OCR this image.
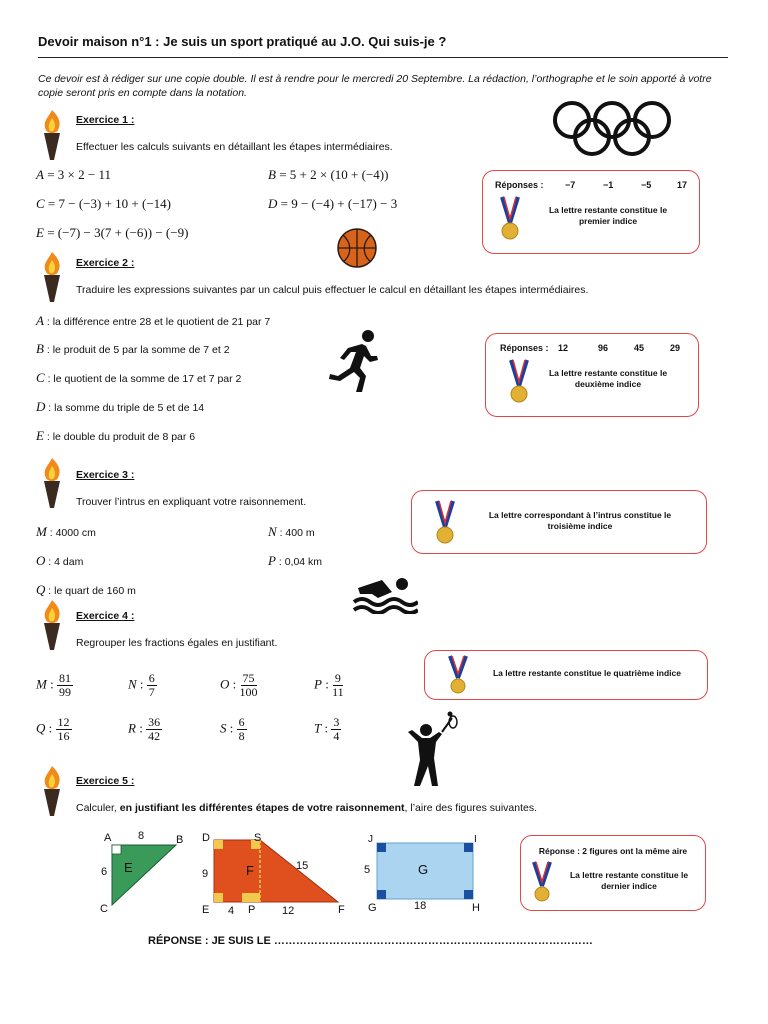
Devoir maison n°1 : Je suis un sport pratiqué au J.O. Qui suis-je ?
Ce devoir est à rédiger sur une copie double. Il est à rendre pour le mercredi 20 Septembre. La rédaction, l’orthographe et le soin apporté à votre copie seront pris en compte dans la notation.
Exercice 1 :
Effectuer les calculs suivants en détaillant les étapes intermédiaires.
A = 3 × 2 − 11	B = 5 + 2 × (10 + (−4))
C = 7 − (−3) + 10 + (−14)	D = 9 − (−4) + (−17) − 3
E = (−7) − 3(7 + (−6)) − (−9)
Réponses : −7	−1	−5	17
La lettre restante constitue le premier indice
Exercice 2 :
Traduire les expressions suivantes par un calcul puis effectuer le calcul en détaillant les étapes intermédiaires.
A : la différence entre 28 et le quotient de 21 par 7
B : le produit de 5 par la somme de 7 et 2
C : le quotient de la somme de 17 et 7 par 2
D : la somme du triple de 5 et de 14
E : le double du produit de 8 par 6
Réponses : 12	96	45	29
La lettre restante constitue le deuxième indice
Exercice 3 :
Trouver l’intrus en expliquant votre raisonnement.
M : 4000 cm	N : 400 m
O : 4 dam	P : 0,04 km
Q : le quart de 160 m
La lettre correspondant à l’intrus constitue le troisième indice
Exercice 4 :
Regrouper les fractions égales en justifiant.
M : $\frac{81}{99}$	N : $\frac{6}{7}$	O : $\frac{75}{100}$	P : $\frac{9}{11}$
Q : $\frac{12}{16}$	R : $\frac{36}{42}$	S : $\frac{6}{8}$	T : $\frac{3}{4}$
La lettre restante constitue le quatrième indice
Exercice 5 :
Calculer, en justifiant les différentes étapes de votre raisonnement, l’aire des figures suivantes.
A	B
C
8
6 E
D	S
E	P	F
9
15
4	12
F
J	I
G	H
5
18
G
Réponse : 2 figures ont la même aire
La lettre restante constitue le dernier indice
RÉPONSE : JE SUIS LE ……………………………………………………………………………
